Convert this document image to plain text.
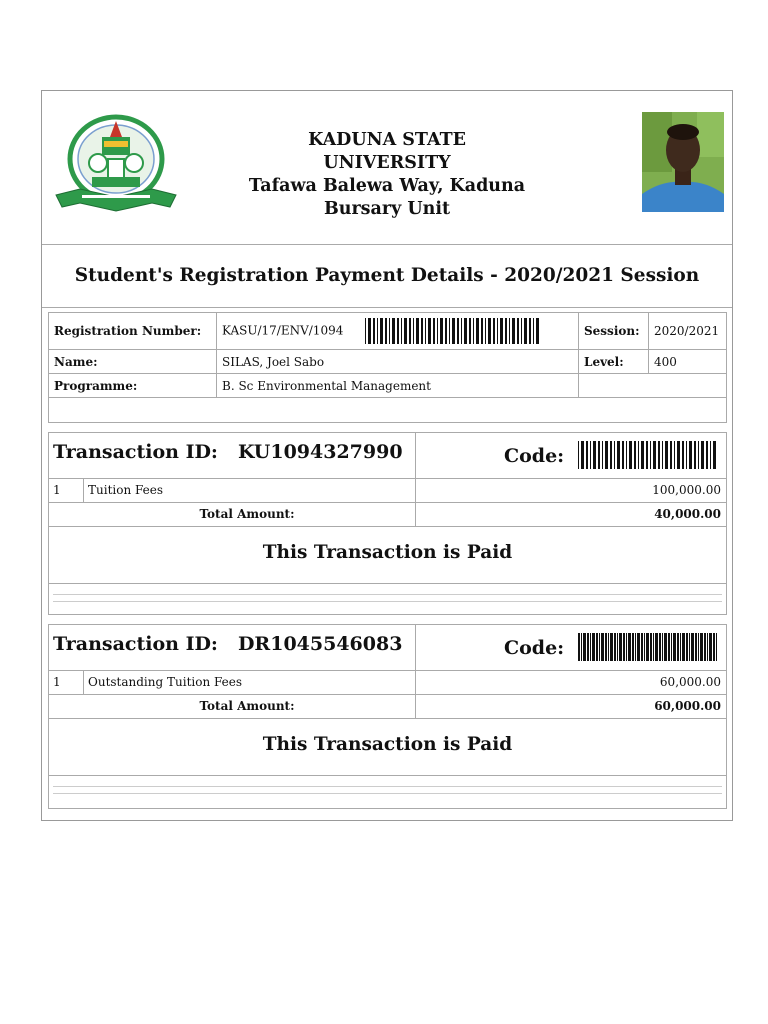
KADUNA STATE UNIVERSITY
Tafawa Balewa Way, Kaduna
Bursary Unit
Student's Registration Payment Details - 2020/2021 Session
Registration Number:	KASU/17/ENV/1094	Session:	2020/2021
Name:	SILAS, Joel Sabo	Level:	400
Programme:	B. Sc Environmental Management		

Transaction ID: KU1094327990	Code:
1 Tuition Fees	100,000.00
Total Amount:	40,000.00
This Transaction is Paid
Transaction ID: DR1045546083	Code:
1 Outstanding Tuition Fees	60,000.00
Total Amount:	60,000.00
This Transaction is Paid
